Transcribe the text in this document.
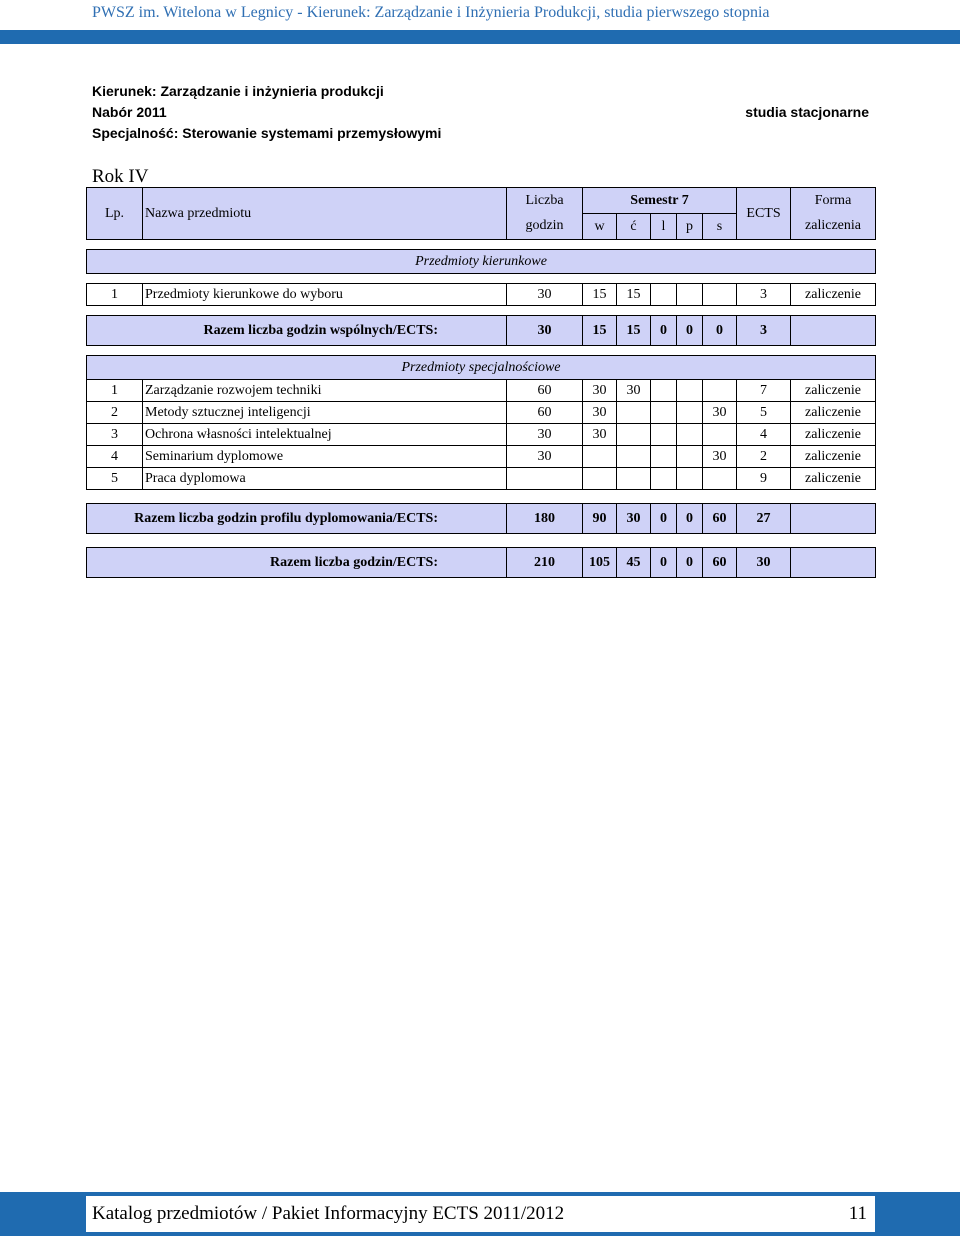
PWSZ im. Witelona w Legnicy - Kierunek: Zarządzanie i Inżynieria Produkcji, studia pierwszego stopnia
Kierunek: Zarządzanie i inżynieria produkcji
Nabór 2011
Specjalność: Sterowanie systemami przemysłowymi
studia stacjonarne
Rok IV
Lp.	Nazwa przedmiotu	Liczba	Semestr 7					ECTS	Forma
		godzin	w	ć	l	p	s		zaliczenia

Przedmioty kierunkowe									

1	Przedmioty kierunkowe do wyboru	30	15	15				3	zaliczenie

Razem liczba godzin wspólnych/ECTS:		30	15	15	0	0	0	3	

Przedmioty specjalnościowe									
1	Zarządzanie rozwojem techniki	60	30	30				7	zaliczenie
2	Metody sztucznej inteligencji	60	30				30	5	zaliczenie
3	Ochrona własności intelektualnej	30	30					4	zaliczenie
4	Seminarium dyplomowe	30					30	2	zaliczenie
5	Praca dyplomowa							9	zaliczenie

Razem liczba godzin profilu dyplomowania/ECTS:		180	90	30	0	0	60	27	

Razem liczba godzin/ECTS:		210	105	45	0	0	60	30	
Katalog przedmiotów / Pakiet Informacyjny ECTS 2011/2012	11
